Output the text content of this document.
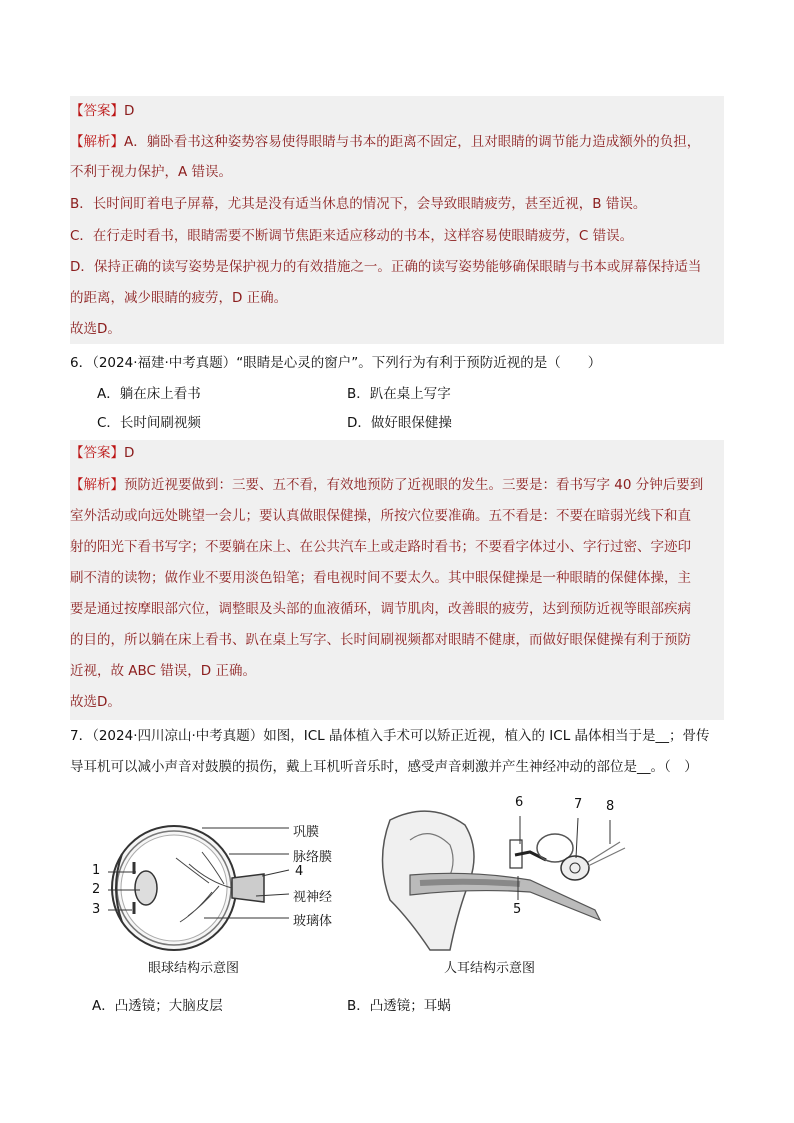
【答案】D
【解析】A．躺卧看书这种姿势容易使得眼睛与书本的距离不固定，且对眼睛的调节能力造成额外的负担，
不利于视力保护，A 错误。
B．长时间盯着电子屏幕，尤其是没有适当休息的情况下，会导致眼睛疲劳，甚至近视，B 错误。
C．在行走时看书，眼睛需要不断调节焦距来适应移动的书本，这样容易使眼睛疲劳，C 错误。
D．保持正确的读写姿势是保护视力的有效措施之一。正确的读写姿势能够确保眼睛与书本或屏幕保持适当
的距离，减少眼睛的疲劳，D 正确。
故选D。
6．（2024·福建·中考真题）“眼睛是心灵的窗户”。下列行为有利于预防近视的是（　　）
A．躺在床上看书	B．趴在桌上写字
C．长时间刷视频	D．做好眼保健操
【答案】D
【解析】预防近视要做到：三要、五不看，有效地预防了近视眼的发生。三要是：看书写字 40 分钟后要到
室外活动或向远处眺望一会儿；要认真做眼保健操，所按穴位要准确。五不看是：不要在暗弱光线下和直
射的阳光下看书写字；不要躺在床上、在公共汽车上或走路时看书；不要看字体过小、字行过密、字迹印
刷不清的读物；做作业不要用淡色铅笔；看电视时间不要太久。其中眼保健操是一种眼睛的保健体操，主
要是通过按摩眼部穴位，调整眼及头部的血液循环，调节肌肉，改善眼的疲劳，达到预防近视等眼部疾病
的目的，所以躺在床上看书、趴在桌上写字、长时间刷视频都对眼睛不健康，而做好眼保健操有利于预防
近视，故 ABC 错误，D 正确。
故选D。
7．（2024·四川凉山·中考真题）如图，ICL 晶体植入手术可以矫正近视，植入的 ICL 晶体相当于是__；骨传
导耳机可以减小声音对鼓膜的损伤，戴上耳机听音乐时，感受声音刺激并产生神经冲动的部位是__。（　）
巩膜
脉络膜
4
视神经
玻璃体
1
2
3
眼球结构示意图
6	7 8
5
人耳结构示意图
A．凸透镜；大脑皮层	B．凸透镜；耳蜗
